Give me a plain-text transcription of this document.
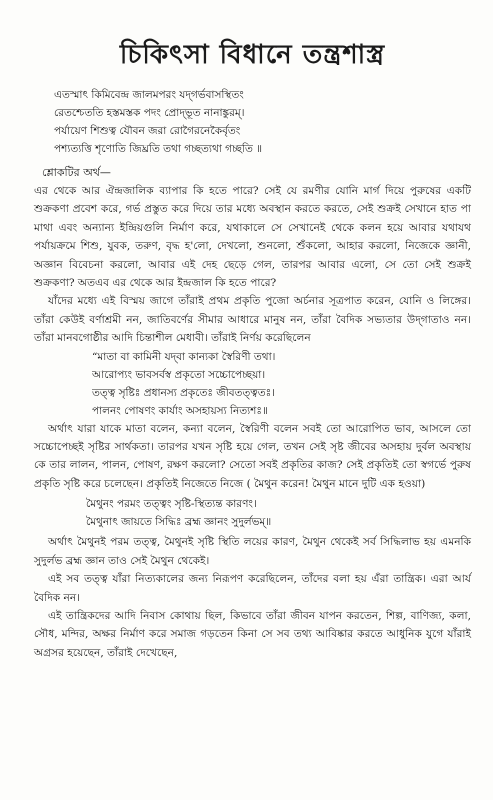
চিকিৎসা বিধানে তন্ত্রশাস্ত্র
এতস্মাৎ কিমিবেন্দ্র জালমপরং যদ্‌গর্ভবাসস্থিতং
রেতশ্চেততি হস্তমস্তক পদং প্রোদ্‌ভূত নানাঙ্কুরম্‌।
পর্যায়েণ শিশুত্ব যৌবন জরা রোগৈরনেকৈর্বৃতং
পশ্যত্যত্তি শৃণোতি জিঘ্রতি তথা গচ্ছত্যথা গচ্ছতি ॥
শ্লোকটির অর্থ—

এর থেকে আর ঐন্দ্রজালিক ব্যাপার কি হতে পারে? সেই যে রমণীর যোনি মার্গ দিয়ে পুরুষের একটি শুক্রকণা প্রবেশ করে, গর্ভ প্রস্তুত করে দিয়ে তার মধ্যে অবস্থান করতে করতে, সেই শুক্রই সেখানে হাত পা মাথা এবং অন্যান্য ইন্দ্রিয়গুলি নির্মাণ করে, যথাকালে সে সেখানেই থেকে কলন হয়ে আবার যথাযথ পর্যায়ক্রমে শিশু, যুবক, তরুণ, বৃদ্ধ হ'লো, দেখলো, শুনলো, শুঁকলো, আহার করলো, নিজেকে জ্ঞানী, অজ্ঞান বিবেচনা করলো, আবার এই দেহ ছেড়ে গেল, তারপর আবার এলো, সে তো সেই শুক্রই শুক্রকণা? অতএব এর থেকে আর ইন্দ্রজাল কি হতে পারে?

যাঁদের মধ্যে এই বিস্ময় জাগে তাঁরাই প্রথম প্রকৃতি পুজো অর্চনার সূত্রপাত করেন, যোনি ও লিঙ্গের। তাঁরা কেউই বর্ণাশ্রমী নন, জাতিবর্ণের সীমার আধারে মানুষ নন, তাঁরা বৈদিক সভ্যতার উদ্‌গাতাও নন। তাঁরা মানবগোষ্ঠীর আদি চিন্তাশীল মেধাবী। তাঁরাই নির্ণয় করেছিলেন

“মাতা বা কামিনী যদ্‌বা কান্যকা স্বৈরিণী তথা।
আরোপ্যং ভাবসর্বস্ব প্রকৃতো সচ্চোপেচ্ছয়া।
তত্ত্ব সৃষ্টিঃ প্রধানস্য প্রকৃতেঃ জীবতত্ত্বতঃ।
পালনং পোষণং কার্যাং অসহায়স্য নিত্যশঃ॥

অর্থাৎ যারা যাকে মাতা বলেন, কন্যা বলেন, স্বৈরিণী বলেন সবই তো আরোপিত ভাব, আসলে তো সচ্চোপেচ্ছই সৃষ্টির সার্থকতা। তারপর যখন সৃষ্টি হয়ে গেল, তখন সেই সৃষ্ট জীবের অসহায় দুর্বল অবস্থায় কে তার লালন, পালন, পোষণ, রক্ষণ করলো? সেতো সবই প্রকৃতির কাজ? সেই প্রকৃতিই তো স্বগর্ভে পুরুষ প্রকৃতি সৃষ্টি করে চলেছেন। প্রকৃতিই নিজেতে নিজে ( মৈথুন করেন! মৈথুন মানে দুটি এক হওয়া)

মৈথুনং পরমং তত্ত্বং সৃষ্টি-স্থিত্যন্ত কারণং।
মৈথুনাৎ জায়তে সিদ্ধিঃ ব্রহ্ম জ্ঞানং সুদুর্লভম্‌॥

অর্থাৎ মৈথুনই পরম তত্ত্ব, মৈথুনই সৃষ্টি স্থিতি লয়ের কারণ, মৈথুন থেকেই সর্ব সিদ্ধিলাভ হয় এমনকি সুদুর্লভ ব্রহ্ম জ্ঞান তাও সেই মৈথুন থেকেই।

এই সব তত্ত্ব যাঁরা নিত্যকালের জন্য নিরূপণ করেছিলেন, তাঁদের বলা হয় এঁরা তান্ত্রিক। এরা আর্য বৈদিক নন।

এই তান্ত্রিকদের আদি নিবাস কোথায় ছিল, কিভাবে তাঁরা জীবন যাপন করতেন, শিল্প, বাণিজ্য, কলা, সৌধ, মন্দির, অক্ষর নির্মাণ করে সমাজ গড়তেন কিনা সে সব তথ্য আবিষ্কার করতে আধুনিক যুগে যাঁরাই অগ্রসর হয়েছেন, তাঁরাই দেখেছেন,
